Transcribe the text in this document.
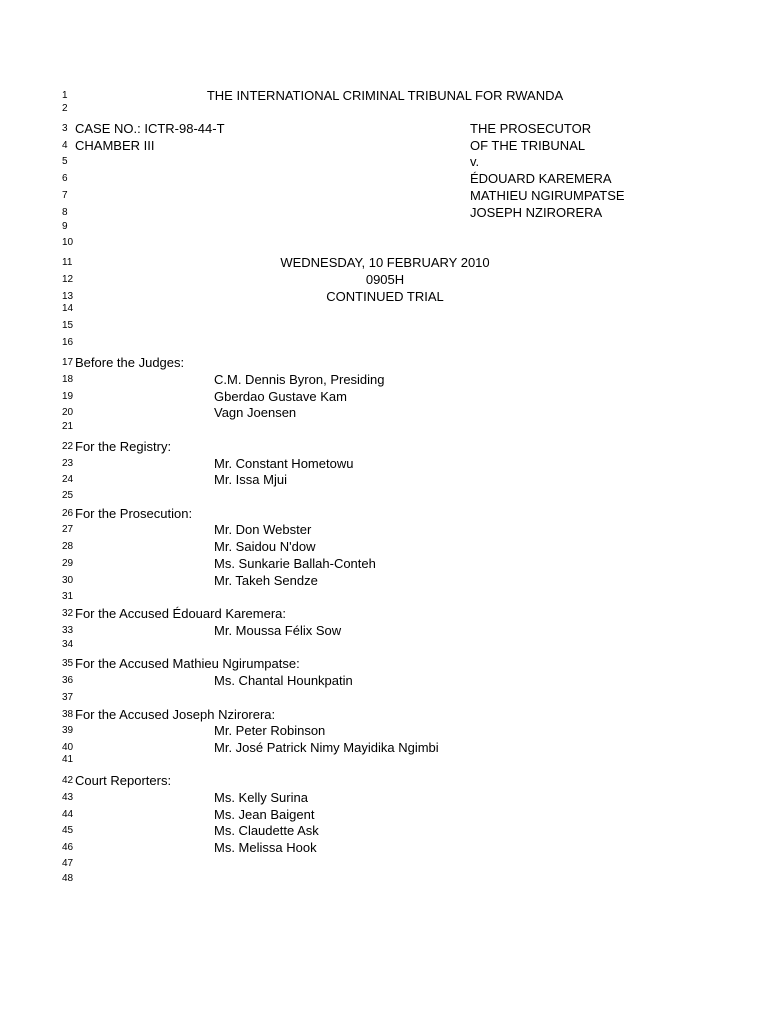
1
2
3
4
5
6
7
8
9
10
11
12
13
14
15
16
17
18
19
20
21
22
23
24
25
26
27
28
29
30
31
32
33
34
35
36
37
38
39
40
41
42
43
44
45
46
47
48
THE INTERNATIONAL CRIMINAL TRIBUNAL FOR RWANDA
CASE NO.: ICTR-98-44-T	THE PROSECUTOR
CHAMBER III	OF THE TRIBUNAL
v.
ÉDOUARD KAREMERA
MATHIEU NGIRUMPATSE
JOSEPH NZIRORERA
WEDNESDAY, 10 FEBRUARY 2010
0905H
CONTINUED TRIAL
Before the Judges:
C.M. Dennis Byron, Presiding
Gberdao Gustave Kam
Vagn Joensen
For the Registry:
Mr. Constant Hometowu
Mr. Issa Mjui
For the Prosecution:
Mr. Don Webster
Mr. Saidou N'dow
Ms. Sunkarie Ballah-Conteh
Mr. Takeh Sendze
For the Accused Édouard Karemera:
Mr. Moussa Félix Sow
For the Accused Mathieu Ngirumpatse:
Ms. Chantal Hounkpatin
For the Accused Joseph Nzirorera:
Mr. Peter Robinson
Mr. José Patrick Nimy Mayidika Ngimbi
Court Reporters:
Ms. Kelly Surina
Ms. Jean Baigent
Ms. Claudette Ask
Ms. Melissa Hook
